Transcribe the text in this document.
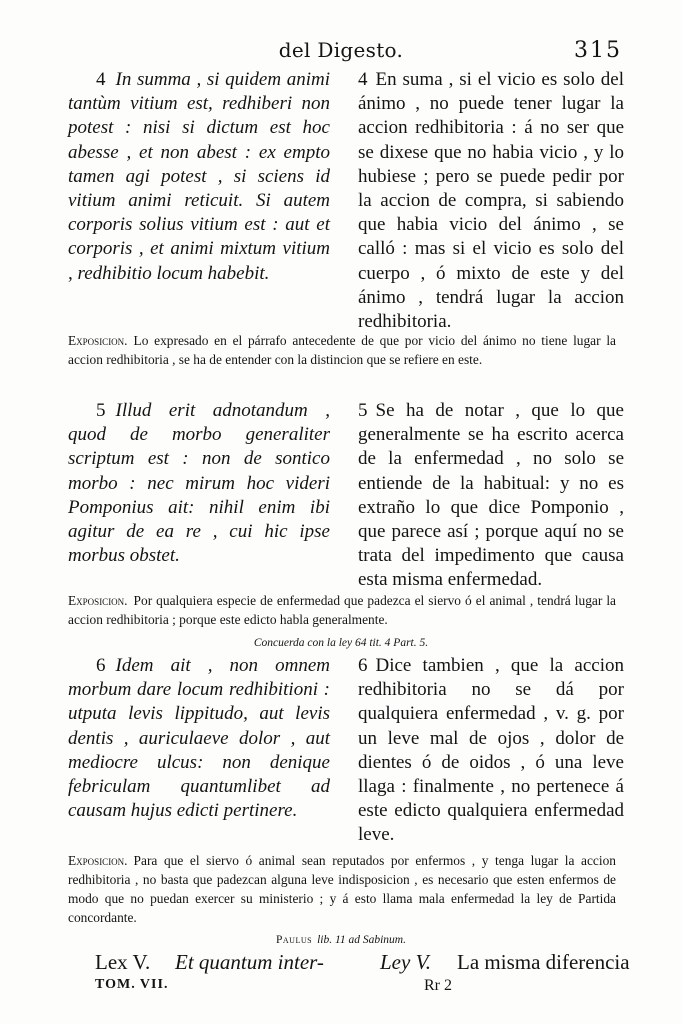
del Digesto.	315
4 In summa , si quidem animi tantùm vitium est, redhiberi non potest : nisi si dictum est hoc abesse , et non abest : ex empto tamen agi potest , si sciens id vitium animi reticuit. Si autem corporis solius vitium est : aut et corporis , et animi mixtum vitium , redhibitio locum habebit.
4 En suma , si el vicio es solo del ánimo , no puede tener lugar la accion redhibitoria : á no ser que se dixese que no habia vicio , y lo hubiese ; pero se puede pedir por la accion de compra, si sabiendo que habia vicio del ánimo , se calló : mas si el vicio es solo del cuerpo , ó mixto de este y del ánimo , tendrá lugar la accion redhibitoria.
Exposicion. Lo expresado en el párrafo antecedente de que por vicio del ánimo no tiene lugar la accion redhibitoria , se ha de entender con la distincion que se refiere en este.
5 Illud erit adnotandum , quod de morbo generaliter scriptum est : non de sontico morbo : nec mirum hoc videri Pomponius ait: nihil enim ibi agitur de ea re , cui hic ipse morbus obstet.
5 Se ha de notar , que lo que generalmente se ha escrito acerca de la enfermedad , no solo se entiende de la habitual: y no es extraño lo que dice Pomponio , que parece así ; porque aquí no se trata del impedimento que causa esta misma enfermedad.
Exposicion. Por qualquiera especie de enfermedad que padezca el siervo ó el animal , tendrá lugar la accion redhibitoria ; porque este edicto habla generalmente.
Concuerda con la ley 64 tit. 4 Part. 5.
6 Idem ait , non omnem morbum dare locum redhibitioni : utputa levis lippitudo, aut levis dentis , auriculaeve dolor , aut mediocre ulcus: non denique febriculam quantumlibet ad causam hujus edicti pertinere.
6 Dice tambien , que la accion redhibitoria no se dá por qualquiera enfermedad , v. g. por un leve mal de ojos , dolor de dientes ó de oidos , ó una leve llaga : finalmente , no pertenece á este edicto qualquiera enfermedad leve.
Exposicion. Para que el siervo ó animal sean reputados por enfermos , y tenga lugar la accion redhibitoria , no basta que padezcan alguna leve indisposicion , es necesario que esten enfermos de modo que no puedan exercer su ministerio ; y á esto llama mala enfermedad la ley de Partida concordante.
Paulus lib. 11 ad Sabinum.
Lex V. Et quantum inter-	Ley V. La misma diferencia
TOM. VII.	Rr 2
